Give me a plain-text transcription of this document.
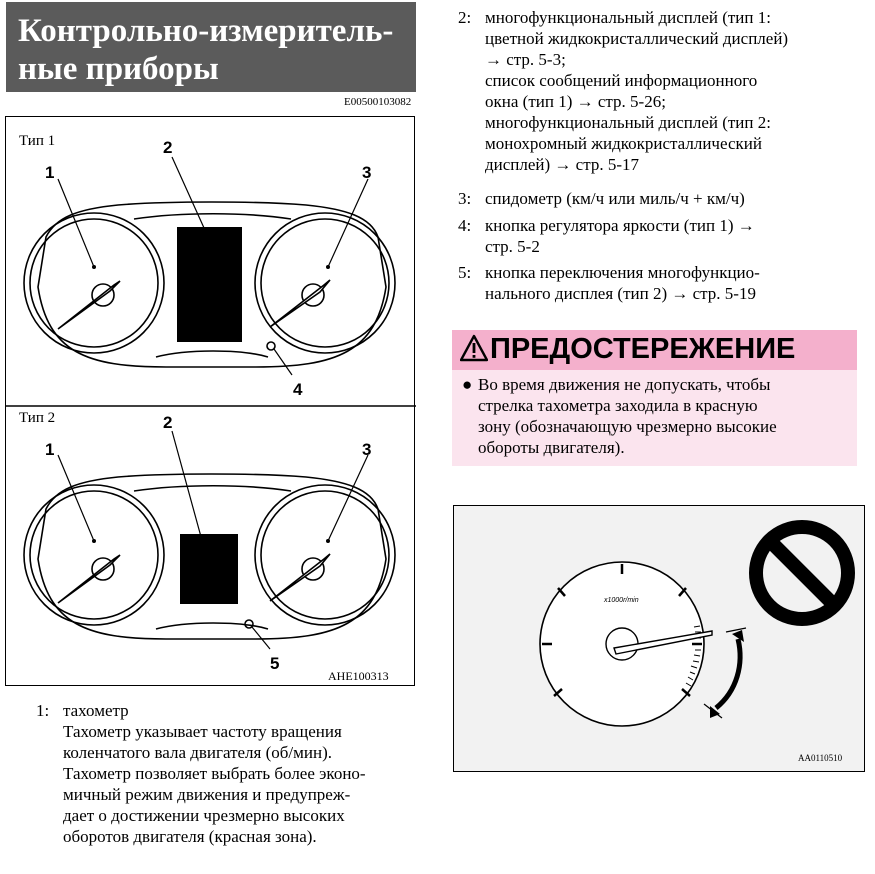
Контрольно-измеритель-
ные приборы
E00500103082
Тип 1
1
2
3
4
Тип 2
1
2
3
5
AHE100313
1: тахометр
Тахометр указывает частоту вращения
коленчатого вала двигателя (об/мин).
Тахометр позволяет выбрать более эконо-
мичный режим движения и предупреж-
дает о достижении чрезмерно высоких
оборотов двигателя (красная зона).
2: многофункциональный дисплей (тип 1:
цветной жидкокристаллический дисплей)
→ стр. 5-3;
список сообщений информационного
окна (тип 1) → стр. 5-26;
многофункциональный дисплей (тип 2:
монохромный жидкокристаллический
дисплей) → стр. 5-17
3: спидометр (км/ч или миль/ч + км/ч)
4: кнопка регулятора яркости (тип 1) →
стр. 5-2
5: кнопка переключения многофункцио-
нального дисплея (тип 2) → стр. 5-19
ПРЕДОСТЕРЕЖЕНИЕ
● Во время движения не допускать, чтобы
стрелка тахометра заходила в красную
зону (обозначающую чрезмерно высокие
обороты двигателя).
x1000r/min
AA0110510
